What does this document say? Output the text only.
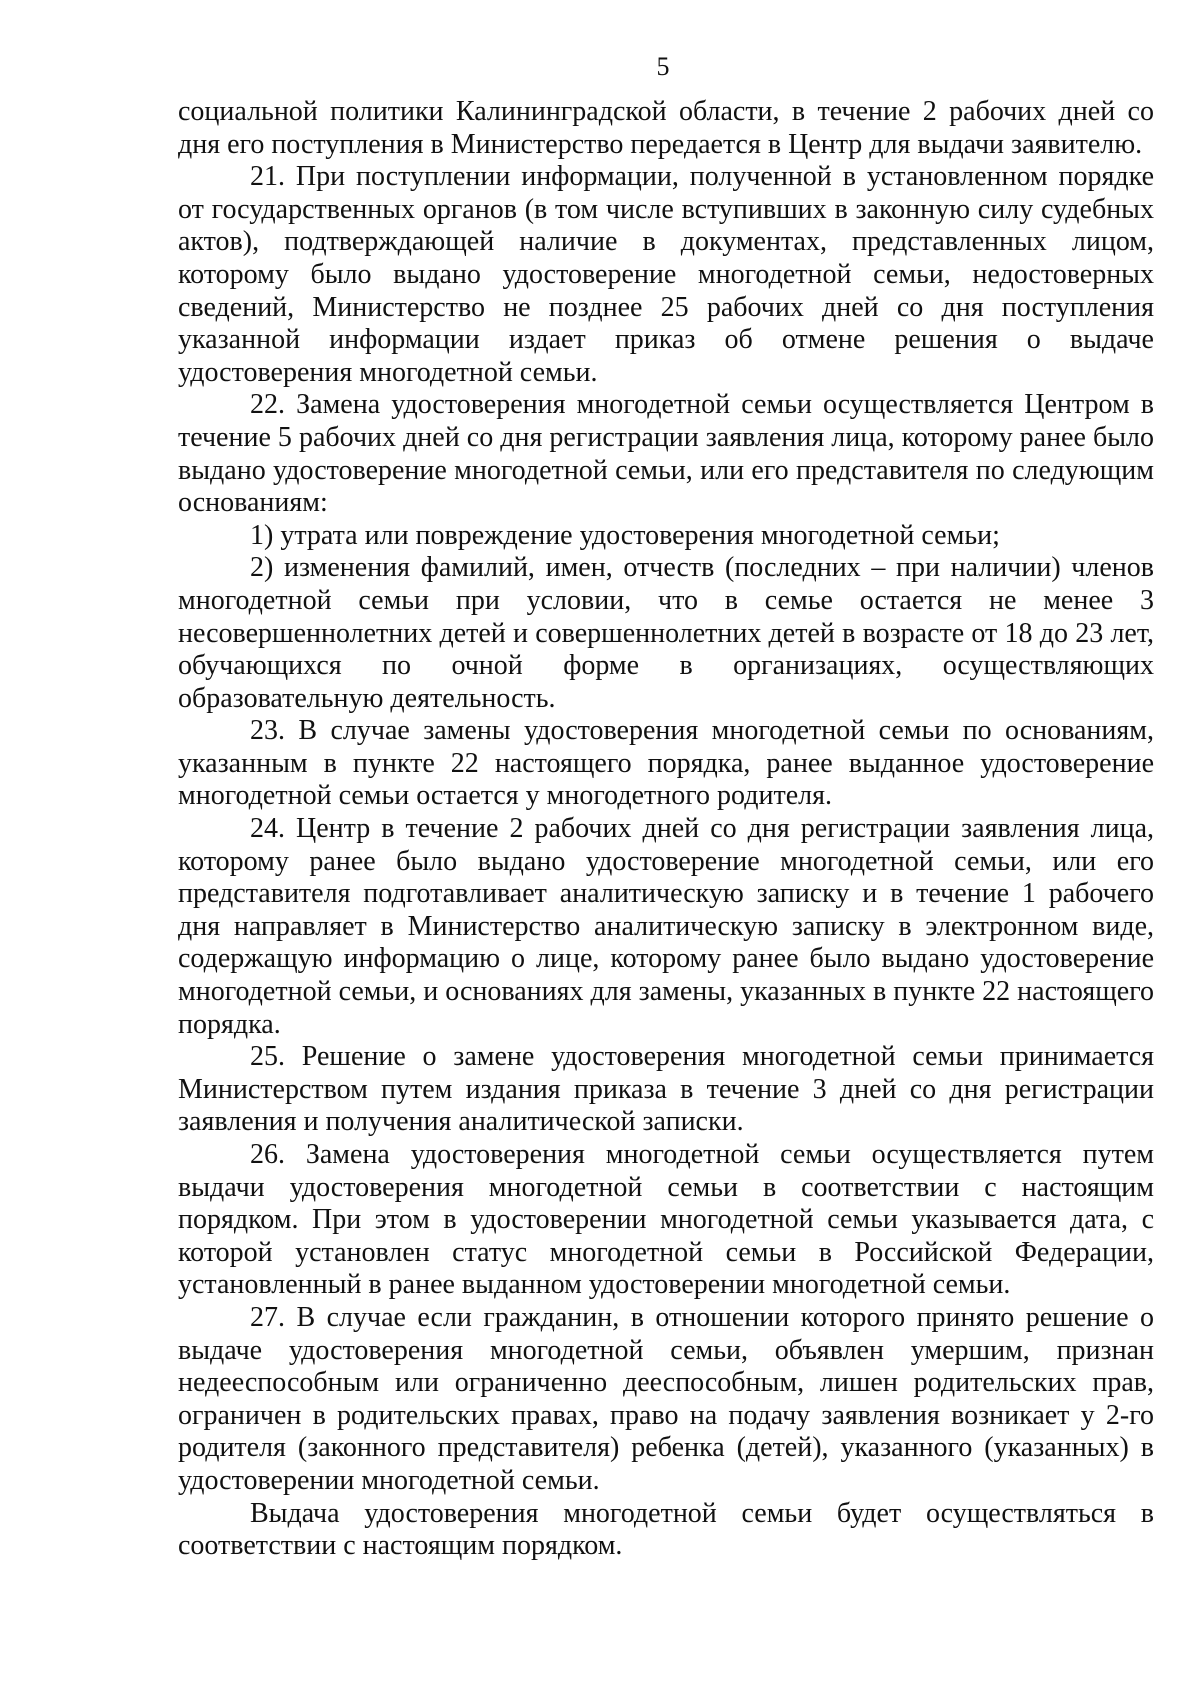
5

социальной политики Калининградской области, в течение 2 рабочих дней со дня его поступления в Министерство передается в Центр для выдачи заявителю.

21. При поступлении информации, полученной в установленном порядке от государственных органов (в том числе вступивших в законную силу судебных актов), подтверждающей наличие в документах, представленных лицом, которому было выдано удостоверение многодетной семьи, недостоверных сведений, Министерство не позднее 25 рабочих дней со дня поступления указанной информации издает приказ об отмене решения о выдаче удостоверения многодетной семьи.

22. Замена удостоверения многодетной семьи осуществляется Центром в течение 5 рабочих дней со дня регистрации заявления лица, которому ранее было выдано удостоверение многодетной семьи, или его представителя по следующим основаниям:

1) утрата или повреждение удостоверения многодетной семьи;

2) изменения фамилий, имен, отчеств (последних – при наличии) членов многодетной семьи при условии, что в семье остается не менее 3 несовершеннолетних детей и совершеннолетних детей в возрасте от 18 до 23 лет, обучающихся по очной форме в организациях, осуществляющих образовательную деятельность.

23. В случае замены удостоверения многодетной семьи по основаниям, указанным в пункте 22 настоящего порядка, ранее выданное удостоверение многодетной семьи остается у многодетного родителя.

24. Центр в течение 2 рабочих дней со дня регистрации заявления лица, которому ранее было выдано удостоверение многодетной семьи, или его представителя подготавливает аналитическую записку и в течение 1 рабочего дня направляет в Министерство аналитическую записку в электронном виде, содержащую информацию о лице, которому ранее было выдано удостоверение многодетной семьи, и основаниях для замены, указанных в пункте 22 настоящего порядка.

25. Решение о замене удостоверения многодетной семьи принимается Министерством путем издания приказа в течение 3 дней со дня регистрации заявления и получения аналитической записки.

26. Замена удостоверения многодетной семьи осуществляется путем выдачи удостоверения многодетной семьи в соответствии с настоящим порядком. При этом в удостоверении многодетной семьи указывается дата, с которой установлен статус многодетной семьи в Российской Федерации, установленный в ранее выданном удостоверении многодетной семьи.

27. В случае если гражданин, в отношении которого принято решение о выдаче удостоверения многодетной семьи, объявлен умершим, признан недееспособным или ограниченно дееспособным, лишен родительских прав, ограничен в родительских правах, право на подачу заявления возникает у 2-го родителя (законного представителя) ребенка (детей), указанного (указанных) в удостоверении многодетной семьи.

Выдача удостоверения многодетной семьи будет осуществляться в соответствии с настоящим порядком.
